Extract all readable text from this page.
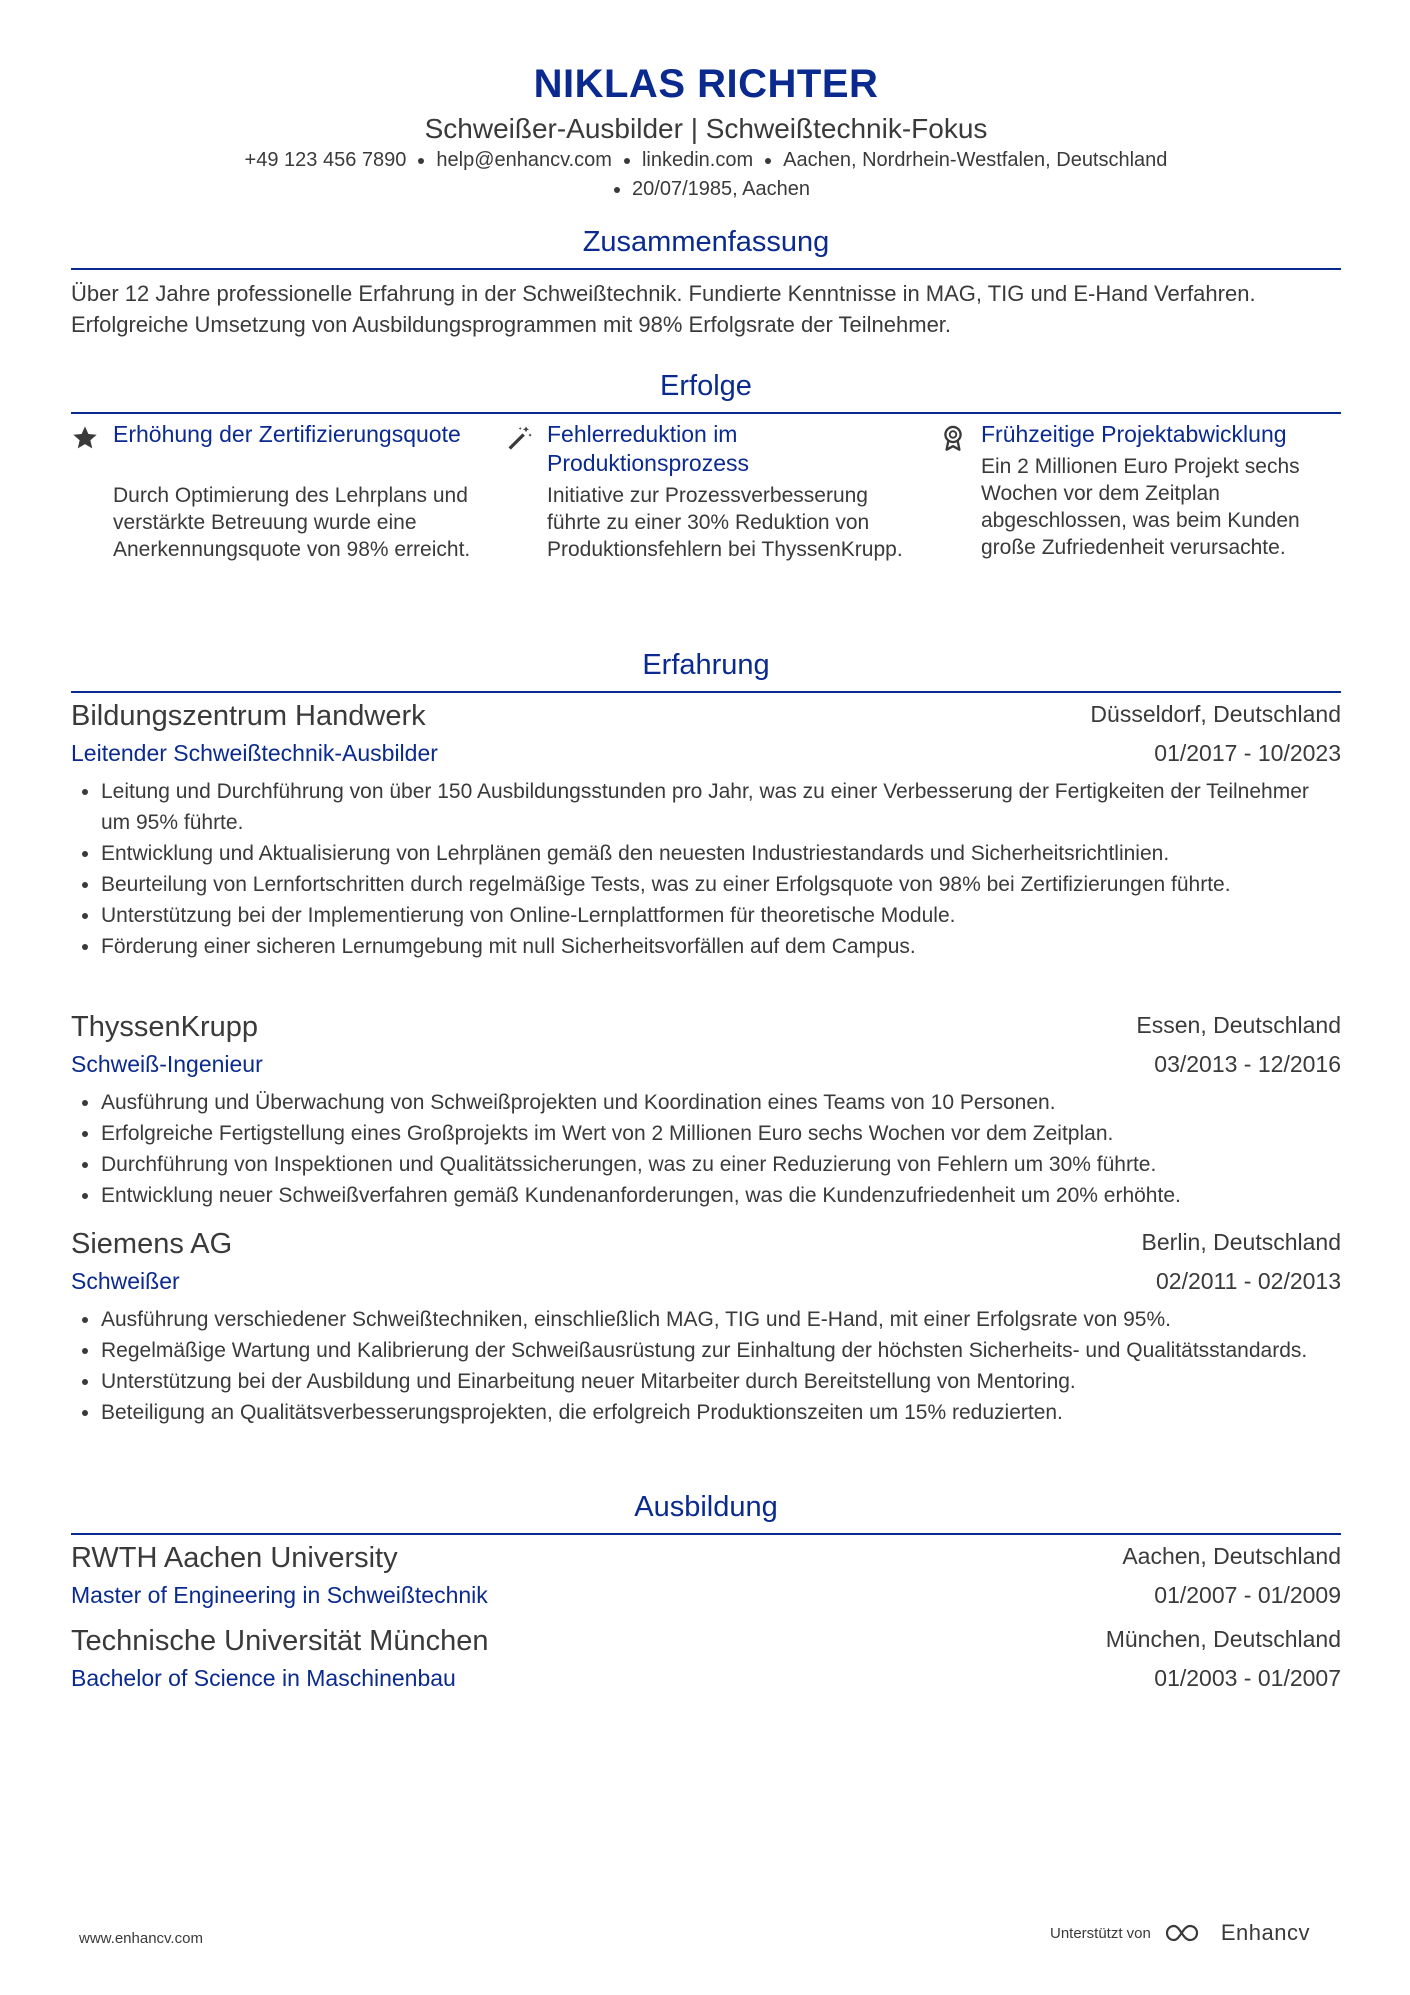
NIKLAS RICHTER
Schweißer-Ausbilder | Schweißtechnik-Fokus
+49 123 456 7890 help@enhancv.com linkedin.com Aachen, Nordrhein-Westfalen, Deutschland
20/07/1985, Aachen
Zusammenfassung
Über 12 Jahre professionelle Erfahrung in der Schweißtechnik. Fundierte Kenntnisse in MAG, TIG und E-Hand Verfahren. Erfolgreiche Umsetzung von Ausbildungsprogrammen mit 98% Erfolgsrate der Teilnehmer.
Erfolge
Erhöhung der Zertifizierungsquote
Durch Optimierung des Lehrplans und verstärkte Betreuung wurde eine Anerkennungsquote von 98% erreicht.
Fehlerreduktion im Produktionsprozess
Initiative zur Prozessverbesserung führte zu einer 30% Reduktion von Produktionsfehlern bei ThyssenKrupp.
Frühzeitige Projektabwicklung
Ein 2 Millionen Euro Projekt sechs Wochen vor dem Zeitplan abgeschlossen, was beim Kunden große Zufriedenheit verursachte.
Erfahrung
Bildungszentrum Handwerk	Düsseldorf, Deutschland
Leitender Schweißtechnik-Ausbilder	01/2017 - 10/2023
Leitung und Durchführung von über 150 Ausbildungsstunden pro Jahr, was zu einer Verbesserung der Fertigkeiten der Teilnehmer um 95% führte.
Entwicklung und Aktualisierung von Lehrplänen gemäß den neuesten Industriestandards und Sicherheitsrichtlinien.
Beurteilung von Lernfortschritten durch regelmäßige Tests, was zu einer Erfolgsquote von 98% bei Zertifizierungen führte.
Unterstützung bei der Implementierung von Online-Lernplattformen für theoretische Module.
Förderung einer sicheren Lernumgebung mit null Sicherheitsvorfällen auf dem Campus.
ThyssenKrupp	Essen, Deutschland
Schweiß-Ingenieur	03/2013 - 12/2016
Ausführung und Überwachung von Schweißprojekten und Koordination eines Teams von 10 Personen.
Erfolgreiche Fertigstellung eines Großprojekts im Wert von 2 Millionen Euro sechs Wochen vor dem Zeitplan.
Durchführung von Inspektionen und Qualitätssicherungen, was zu einer Reduzierung von Fehlern um 30% führte.
Entwicklung neuer Schweißverfahren gemäß Kundenanforderungen, was die Kundenzufriedenheit um 20% erhöhte.
Siemens AG	Berlin, Deutschland
Schweißer	02/2011 - 02/2013
Ausführung verschiedener Schweißtechniken, einschließlich MAG, TIG und E-Hand, mit einer Erfolgsrate von 95%.
Regelmäßige Wartung und Kalibrierung der Schweißausrüstung zur Einhaltung der höchsten Sicherheits- und Qualitätsstandards.
Unterstützung bei der Ausbildung und Einarbeitung neuer Mitarbeiter durch Bereitstellung von Mentoring.
Beteiligung an Qualitätsverbesserungsprojekten, die erfolgreich Produktionszeiten um 15% reduzierten.
Ausbildung
RWTH Aachen University	Aachen, Deutschland
Master of Engineering in Schweißtechnik	01/2007 - 01/2009
Technische Universität München	München, Deutschland
Bachelor of Science in Maschinenbau	01/2003 - 01/2007
www.enhancv.com	Unterstützt von	Enhancv
